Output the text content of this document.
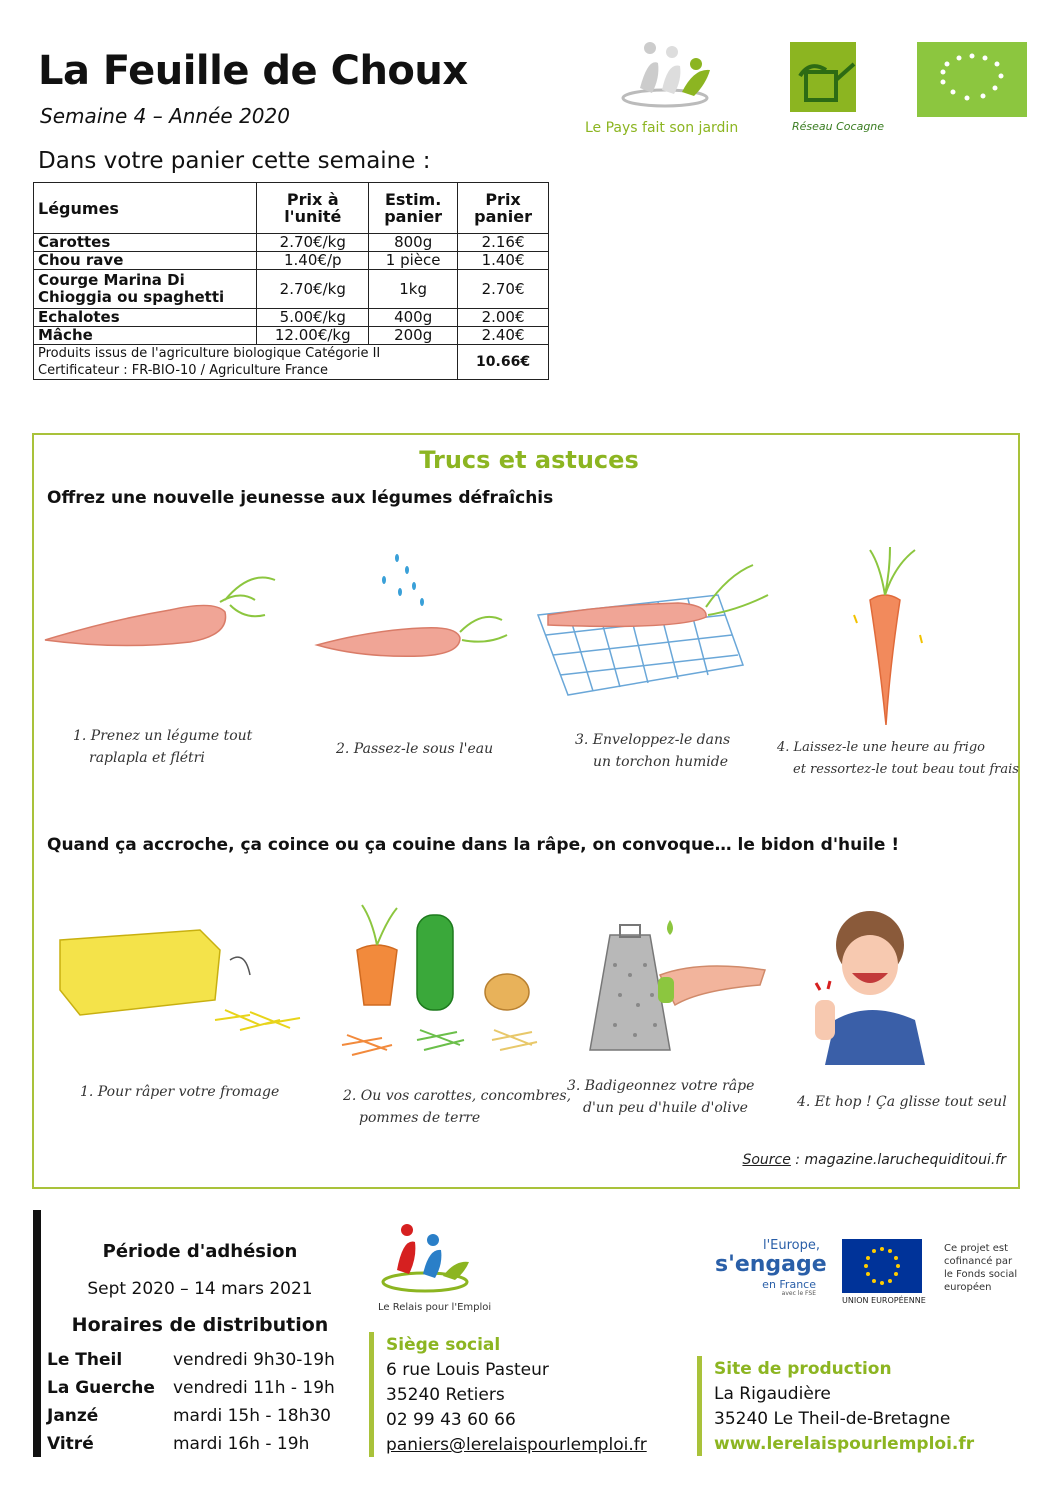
La Feuille de Choux
Semaine 4 – Année 2020
Dans votre panier cette semaine :
Le Pays fait son jardin	Réseau Cocagne
Légumes	Prix à l'unité	Estim. panier	Prix panier
Carottes	2.70€/kg	800g	2.16€
Chou rave	1.40€/p	1 pièce	1.40€
Courge Marina Di Chioggia ou spaghetti	2.70€/kg	1kg	2.70€
Echalotes	5.00€/kg	400g	2.00€
Mâche	12.00€/kg	200g	2.40€

Produits issus de l'agriculture biologique Catégorie II
Certificateur : FR-BIO-10 / Agriculture France			10.66€
Trucs et astuces
Offrez une nouvelle jeunesse aux légumes défraîchis
1. Prenez un légume tout
raplapla et flétri
2. Passez-le sous l'eau
3. Enveloppez-le dans
un torchon humide
4. Laissez-le une heure au frigo
et ressortez-le tout beau tout frais
Quand ça accroche, ça coince ou ça couine dans la râpe, on convoque… le bidon d'huile !
1. Pour râper votre fromage	2. Ou vos carottes, concombres,
pommes de terre
3. Badigeonnez votre râpe
d'un peu d'huile d'olive	4. Et hop ! Ça glisse tout seul
Source : magazine.laruchequiditoui.fr
Période d'adhésion
Sept 2020 – 14 mars 2021
Horaires de distribution
Le Theil	vendredi 9h30-19h
La Guerche vendredi 11h - 19h
Janzé	mardi 15h - 18h30
Vitré	mardi 16h - 19h
Le Relais pour l'Emploi
Siège social
6 rue Louis Pasteur
35240 Retiers
02 99 43 60 66
paniers@lerelaispourlemploi.fr
Site de production
La Rigaudière
35240 Le Theil-de-Bretagne
www.lerelaispourlemploi.fr
l'Europe,
s'engage
en France
avec le FSE
UNION EUROPÉENNE
Ce projet est cofinancé par le Fonds social européen
